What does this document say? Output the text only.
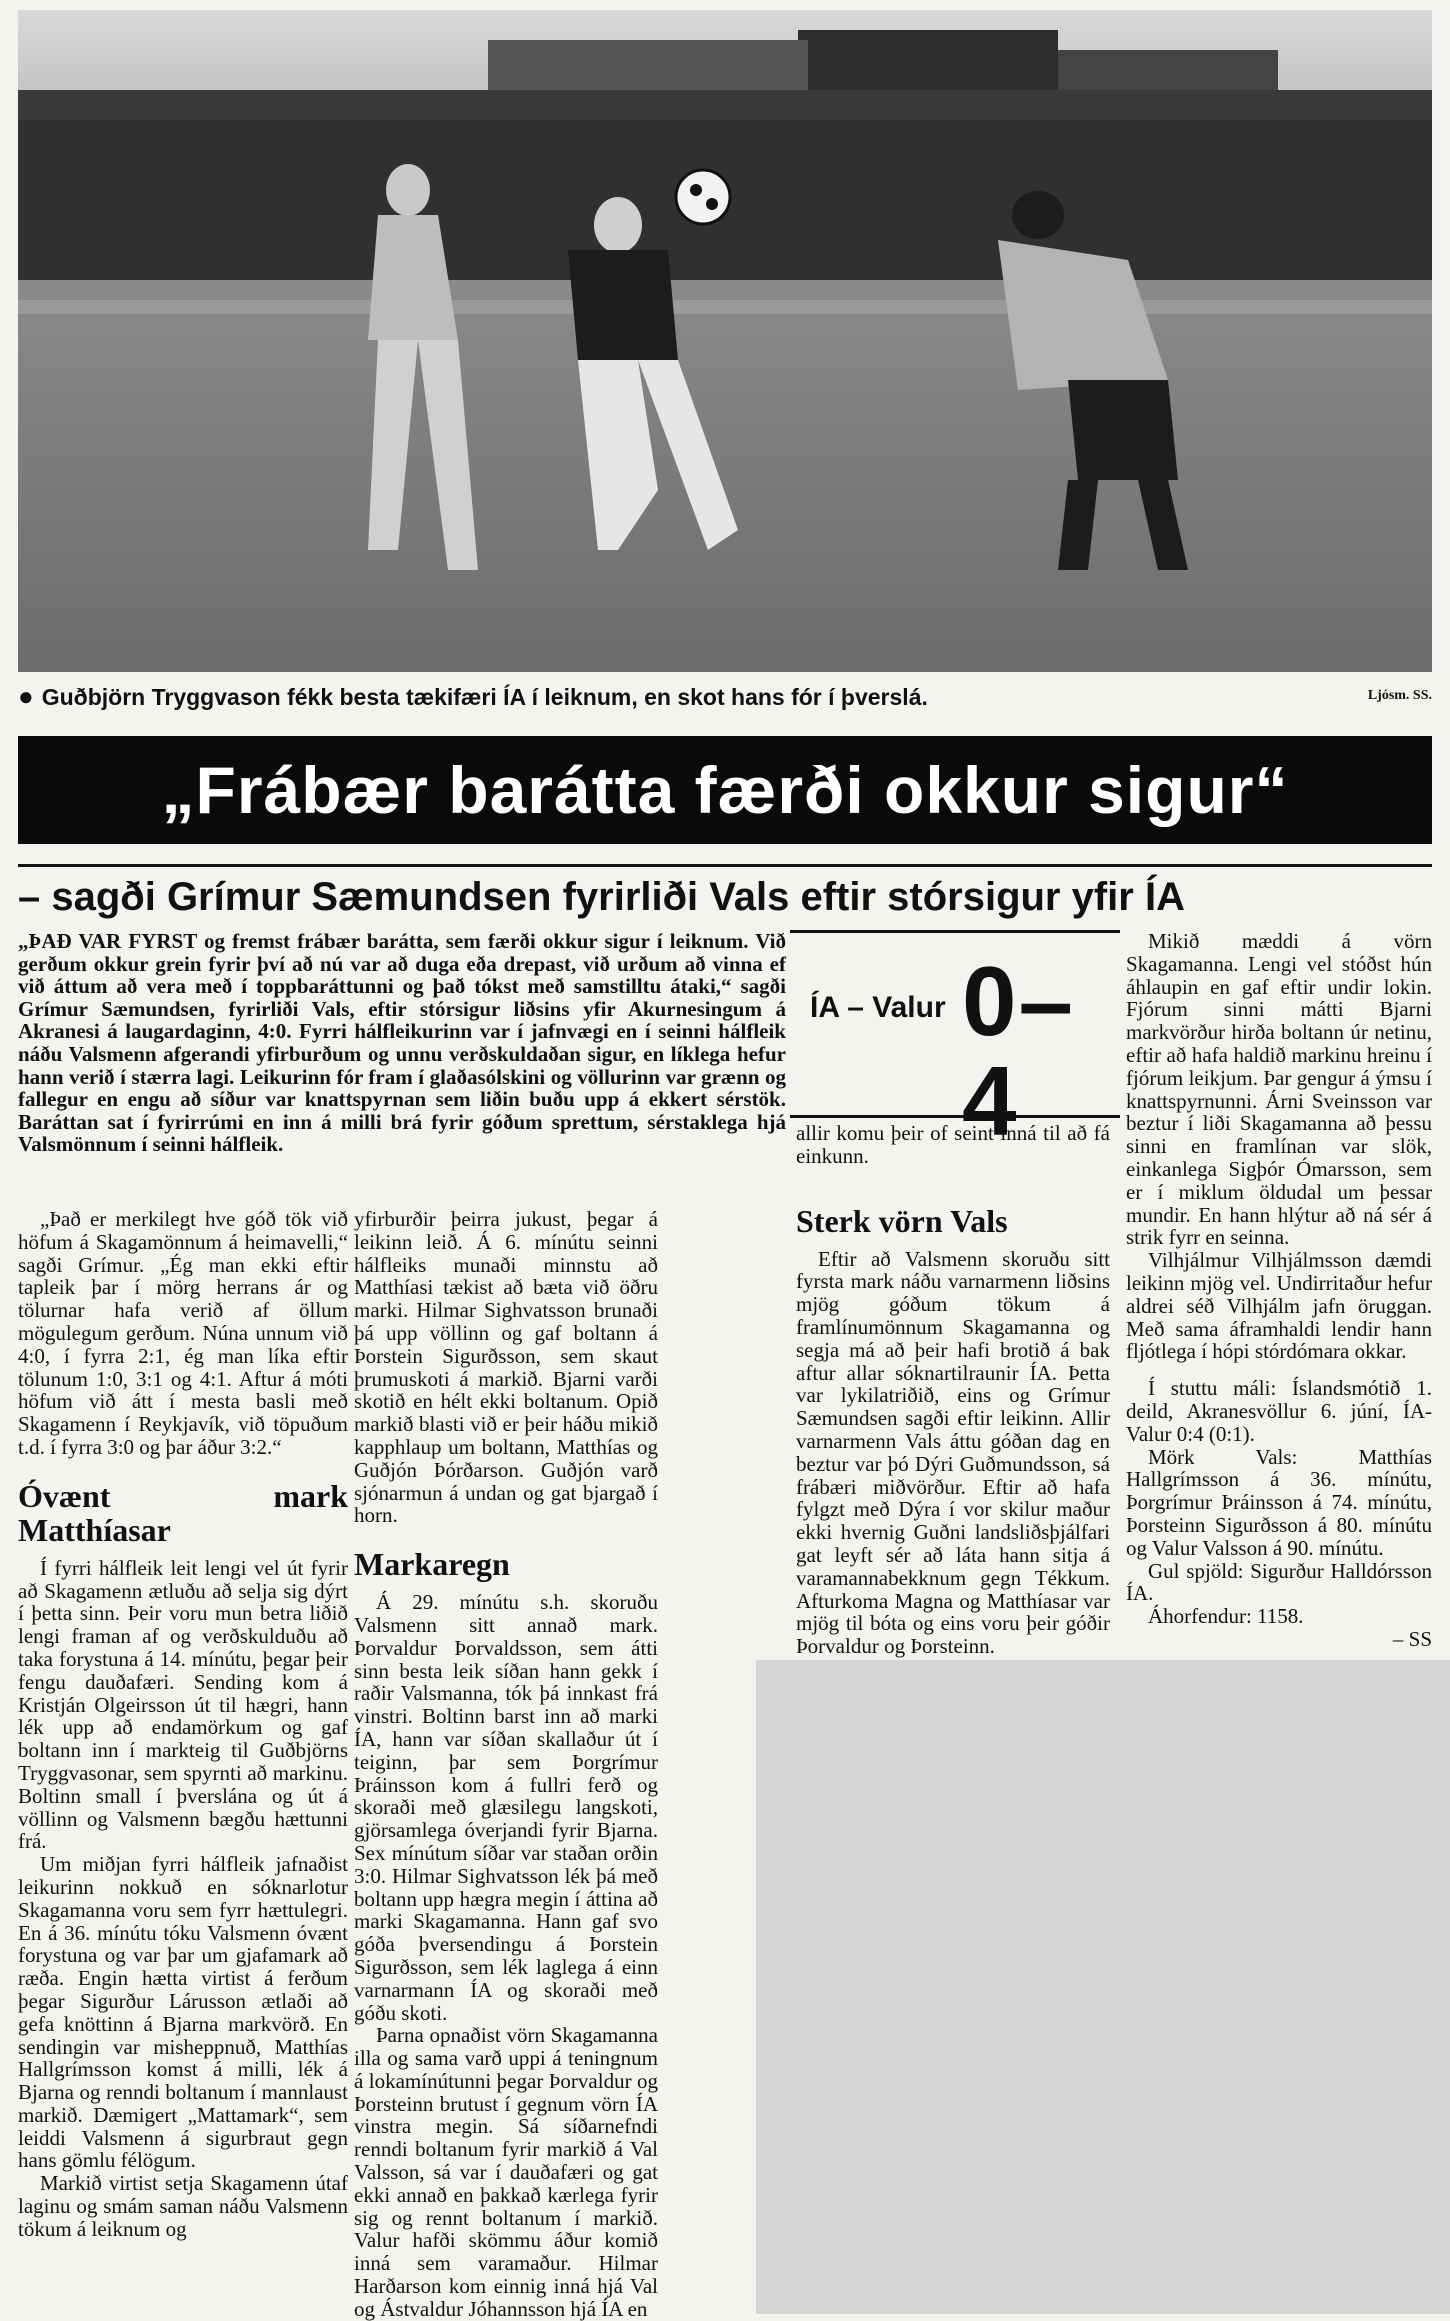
● Guðbjörn Tryggvason fékk besta tækifæri ÍA í leiknum, en skot hans fór í þverslá.	Ljósm. SS.
„Frábær barátta færði okkur sigur“
– sagði Grímur Sæmundsen fyrirliði Vals eftir stórsigur yfir ÍA
„ÞAÐ VAR FYRST og fremst frábær barátta, sem færði okkur sigur í leiknum. Við gerðum okkur grein fyrir því að nú var að duga eða drepast, við urðum að vinna ef við áttum að vera með í toppbaráttunni og það tókst með samstilltu átaki,“ sagði Grímur Sæmundsen, fyrirliði Vals, eftir stórsigur liðsins yfir Akurnesingum á Akranesi á laugardaginn, 4:0. Fyrri hálfleikurinn var í jafnvægi en í seinni hálfleik náðu Valsmenn afgerandi yfirburðum og unnu verðskuldaðan sigur, en líklega hefur hann verið í stærra lagi. Leikurinn fór fram í glaðasólskini og völlurinn var grænn og fallegur en engu að síður var knattspyrnan sem liðin buðu upp á ekkert sérstök. Baráttan sat í fyrirrúmi en inn á milli brá fyrir góðum sprettum, sérstaklega hjá Valsmönnum í seinni hálfleik.
ÍA – Valur 0–4

„Það er merkilegt hve góð tök við höfum á Skagamönnum á heimavelli,“ sagði Grímur. „Ég man ekki eftir tapleik þar í mörg herrans ár og tölurnar hafa verið af öllum mögulegum gerðum. Núna unnum við 4:0, í fyrra 2:1, ég man líka eftir tölunum 1:0, 3:1 og 4:1. Aftur á móti höfum við átt í mesta basli með Skagamenn í Reykjavík, við töpuðum t.d. í fyrra 3:0 og þar áður 3:2.“

Óvænt mark Matthíasar

Í fyrri hálfleik leit lengi vel út fyrir að Skagamenn ætluðu að selja sig dýrt í þetta sinn. Þeir voru mun betra liðið lengi framan af og verðskulduðu að taka forystuna á 14. mínútu, þegar þeir fengu dauðafæri. Sending kom á Kristján Olgeirsson út til hægri, hann lék upp að endamörkum og gaf boltann inn í markteig til Guðbjörns Tryggvasonar, sem spyrnti að markinu. Boltinn small í þverslána og út á völlinn og Valsmenn bægðu hættunni frá.

Um miðjan fyrri hálfleik jafnaðist leikurinn nokkuð en sóknarlotur Skagamanna voru sem fyrr hættulegri. En á 36. mínútu tóku Valsmenn óvænt forystuna og var þar um gjafamark að ræða. Engin hætta virtist á ferðum þegar Sigurður Lárusson ætlaði að gefa knöttinn á Bjarna markvörð. En sendingin var misheppnuð, Matthías Hallgrímsson komst á milli, lék á Bjarna og renndi boltanum í mannlaust markið. Dæmigert „Mattamark“, sem leiddi Valsmenn á sigurbraut gegn hans gömlu félögum.

Markið virtist setja Skagamenn útaf laginu og smám saman náðu Valsmenn tökum á leiknum og

yfirburðir þeirra jukust, þegar á leikinn leið. Á 6. mínútu seinni hálfleiks munaði minnstu að Matthíasi tækist að bæta við öðru marki. Hilmar Sighvatsson brunaði þá upp völlinn og gaf boltann á Þorstein Sigurðsson, sem skaut þrumuskoti á markið. Bjarni varði skotið en hélt ekki boltanum. Opið markið blasti við er þeir háðu mikið kapphlaup um boltann, Matthías og Guðjón Þórðarson. Guðjón varð sjónarmun á undan og gat bjargað í horn.

Markaregn

Á 29. mínútu s.h. skoruðu Valsmenn sitt annað mark. Þorvaldur Þorvaldsson, sem átti sinn besta leik síðan hann gekk í raðir Valsmanna, tók þá innkast frá vinstri. Boltinn barst inn að marki ÍA, hann var síðan skallaður út í teiginn, þar sem Þorgrímur Þráinsson kom á fullri ferð og skoraði með glæsilegu langskoti, gjörsamlega óverjandi fyrir Bjarna. Sex mínútum síðar var staðan orðin 3:0. Hilmar Sighvatsson lék þá með boltann upp hægra megin í áttina að marki Skagamanna. Hann gaf svo góða þversendingu á Þorstein Sigurðsson, sem lék laglega á einn varnarmann ÍA og skoraði með góðu skoti.

Þarna opnaðist vörn Skagamanna illa og sama varð uppi á teningnum á lokamínútunni þegar Þorvaldur og Þorsteinn brutust í gegnum vörn ÍA vinstra megin. Sá síðarnefndi renndi boltanum fyrir markið á Val Valsson, sá var í dauðafæri og gat ekki annað en þakkað kærlega fyrir sig og rennt boltanum í markið. Valur hafði skömmu áður komið inná sem varamaður. Hilmar Harðarson kom einnig inná hjá Val og Ástvaldur Jóhannsson hjá ÍA en

allir komu þeir of seint inná til að fá einkunn.

Sterk vörn Vals

Eftir að Valsmenn skoruðu sitt fyrsta mark náðu varnarmenn liðsins mjög góðum tökum á framlínumönnum Skagamanna og segja má að þeir hafi brotið á bak aftur allar sóknartilraunir ÍA. Þetta var lykilatriðið, eins og Grímur Sæmundsen sagði eftir leikinn. Allir varnarmenn Vals áttu góðan dag en beztur var þó Dýri Guðmundsson, sá frábæri miðvörður. Eftir að hafa fylgzt með Dýra í vor skilur maður ekki hvernig Guðni landsliðsþjálfari gat leyft sér að láta hann sitja á varamannabekknum gegn Tékkum. Afturkoma Magna og Matthíasar var mjög til bóta og eins voru þeir góðir Þorvaldur og Þorsteinn.

Mikið mæddi á vörn Skagamanna. Lengi vel stóðst hún áhlaupin en gaf eftir undir lokin. Fjórum sinni mátti Bjarni markvörður hirða boltann úr netinu, eftir að hafa haldið markinu hreinu í fjórum leikjum. Þar gengur á ýmsu í knattspyrnunni. Árni Sveinsson var beztur í liði Skagamanna að þessu sinni en framlínan var slök, einkanlega Sigþór Ómarsson, sem er í miklum öldudal um þessar mundir. En hann hlýtur að ná sér á strik fyrr en seinna.

Vilhjálmur Vilhjálmsson dæmdi leikinn mjög vel. Undirritaður hefur aldrei séð Vilhjálm jafn öruggan. Með sama áframhaldi lendir hann fljótlega í hópi stórdómara okkar.

Í stuttu máli: Íslandsmótið 1. deild, Akranesvöllur 6. júní, ÍA-Valur 0:4 (0:1).

Mörk Vals: Matthías Hallgrímsson á 36. mínútu, Þorgrímur Þráinsson á 74. mínútu, Þorsteinn Sigurðsson á 80. mínútu og Valur Valsson á 90. mínútu.

Gul spjöld: Sigurður Halldórsson ÍA.

Áhorfendur: 1158.

– SS
